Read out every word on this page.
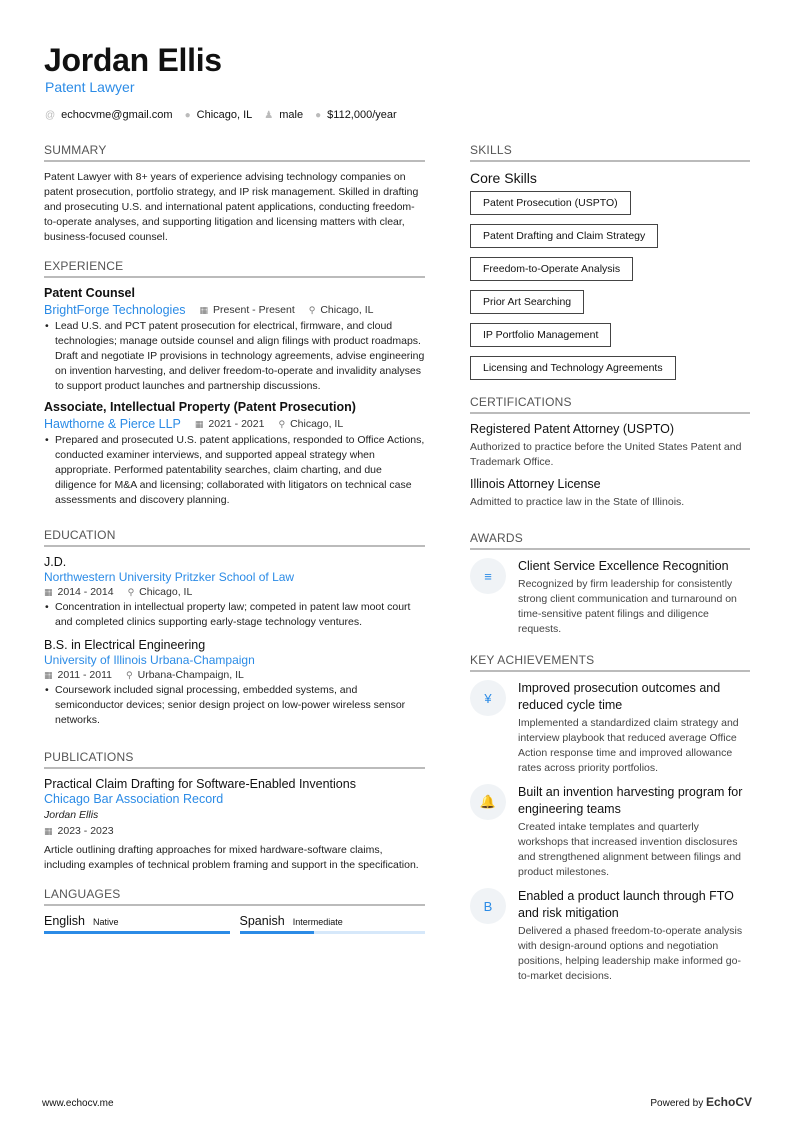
Jordan Ellis
Patent Lawyer
@ echocvme@gmail.com ● Chicago, IL ♟ male ● $112,000/year
SUMMARY
Patent Lawyer with 8+ years of experience advising technology companies on patent prosecution, portfolio strategy, and IP risk management. Skilled in drafting and prosecuting U.S. and international patent applications, conducting freedom-to-operate analyses, and supporting litigation and licensing matters with clear, business-focused counsel.
EXPERIENCE
Patent Counsel
BrightForge Technologies ▦ Present - Present ⚲ Chicago, IL
• Lead U.S. and PCT patent prosecution for electrical, firmware, and cloud technologies; manage outside counsel and align filings with product roadmaps. Draft and negotiate IP provisions in technology agreements, advise engineering on invention harvesting, and deliver freedom-to-operate and invalidity analyses to support product launches and partnership discussions.
Associate, Intellectual Property (Patent Prosecution)
Hawthorne & Pierce LLP ▦ 2021 - 2021 ⚲ Chicago, IL
• Prepared and prosecuted U.S. patent applications, responded to Office Actions, conducted examiner interviews, and supported appeal strategy when appropriate. Performed patentability searches, claim charting, and due diligence for M&A and licensing; collaborated with litigators on technical case assessments and discovery planning.
EDUCATION
J.D.
Northwestern University Pritzker School of Law
▦ 2014 - 2014 ⚲ Chicago, IL
• Concentration in intellectual property law; competed in patent law moot court and completed clinics supporting early-stage technology ventures.
B.S. in Electrical Engineering
University of Illinois Urbana-Champaign
▦ 2011 - 2011 ⚲ Urbana-Champaign, IL
• Coursework included signal processing, embedded systems, and semiconductor devices; senior design project on low-power wireless sensor networks.
PUBLICATIONS
Practical Claim Drafting for Software-Enabled Inventions
Chicago Bar Association Record
Jordan Ellis
▦ 2023 - 2023
Article outlining drafting approaches for mixed hardware-software claims, including examples of technical problem framing and support in the specification.
LANGUAGES
English Native	Spanish Intermediate
SKILLS
Core Skills
Patent Prosecution (USPTO)
Patent Drafting and Claim Strategy
Freedom-to-Operate Analysis
Prior Art Searching
IP Portfolio Management
Licensing and Technology Agreements
CERTIFICATIONS
Registered Patent Attorney (USPTO)
Authorized to practice before the United States Patent and Trademark Office.
Illinois Attorney License
Admitted to practice law in the State of Illinois.
AWARDS
≡
Client Service Excellence Recognition
Recognized by firm leadership for consistently strong client communication and turnaround on time-sensitive patent filings and diligence requests.
KEY ACHIEVEMENTS
¥
Improved prosecution outcomes and reduced cycle time
Implemented a standardized claim strategy and interview playbook that reduced average Office Action response time and improved allowance rates across priority portfolios.
🔔
Built an invention harvesting program for engineering teams
Created intake templates and quarterly workshops that increased invention disclosures and strengthened alignment between filings and product milestones.
B
Enabled a product launch through FTO and risk mitigation
Delivered a phased freedom-to-operate analysis with design-around options and negotiation positions, helping leadership make informed go-to-market decisions.
www.echocv.me	Powered by EchoCV
